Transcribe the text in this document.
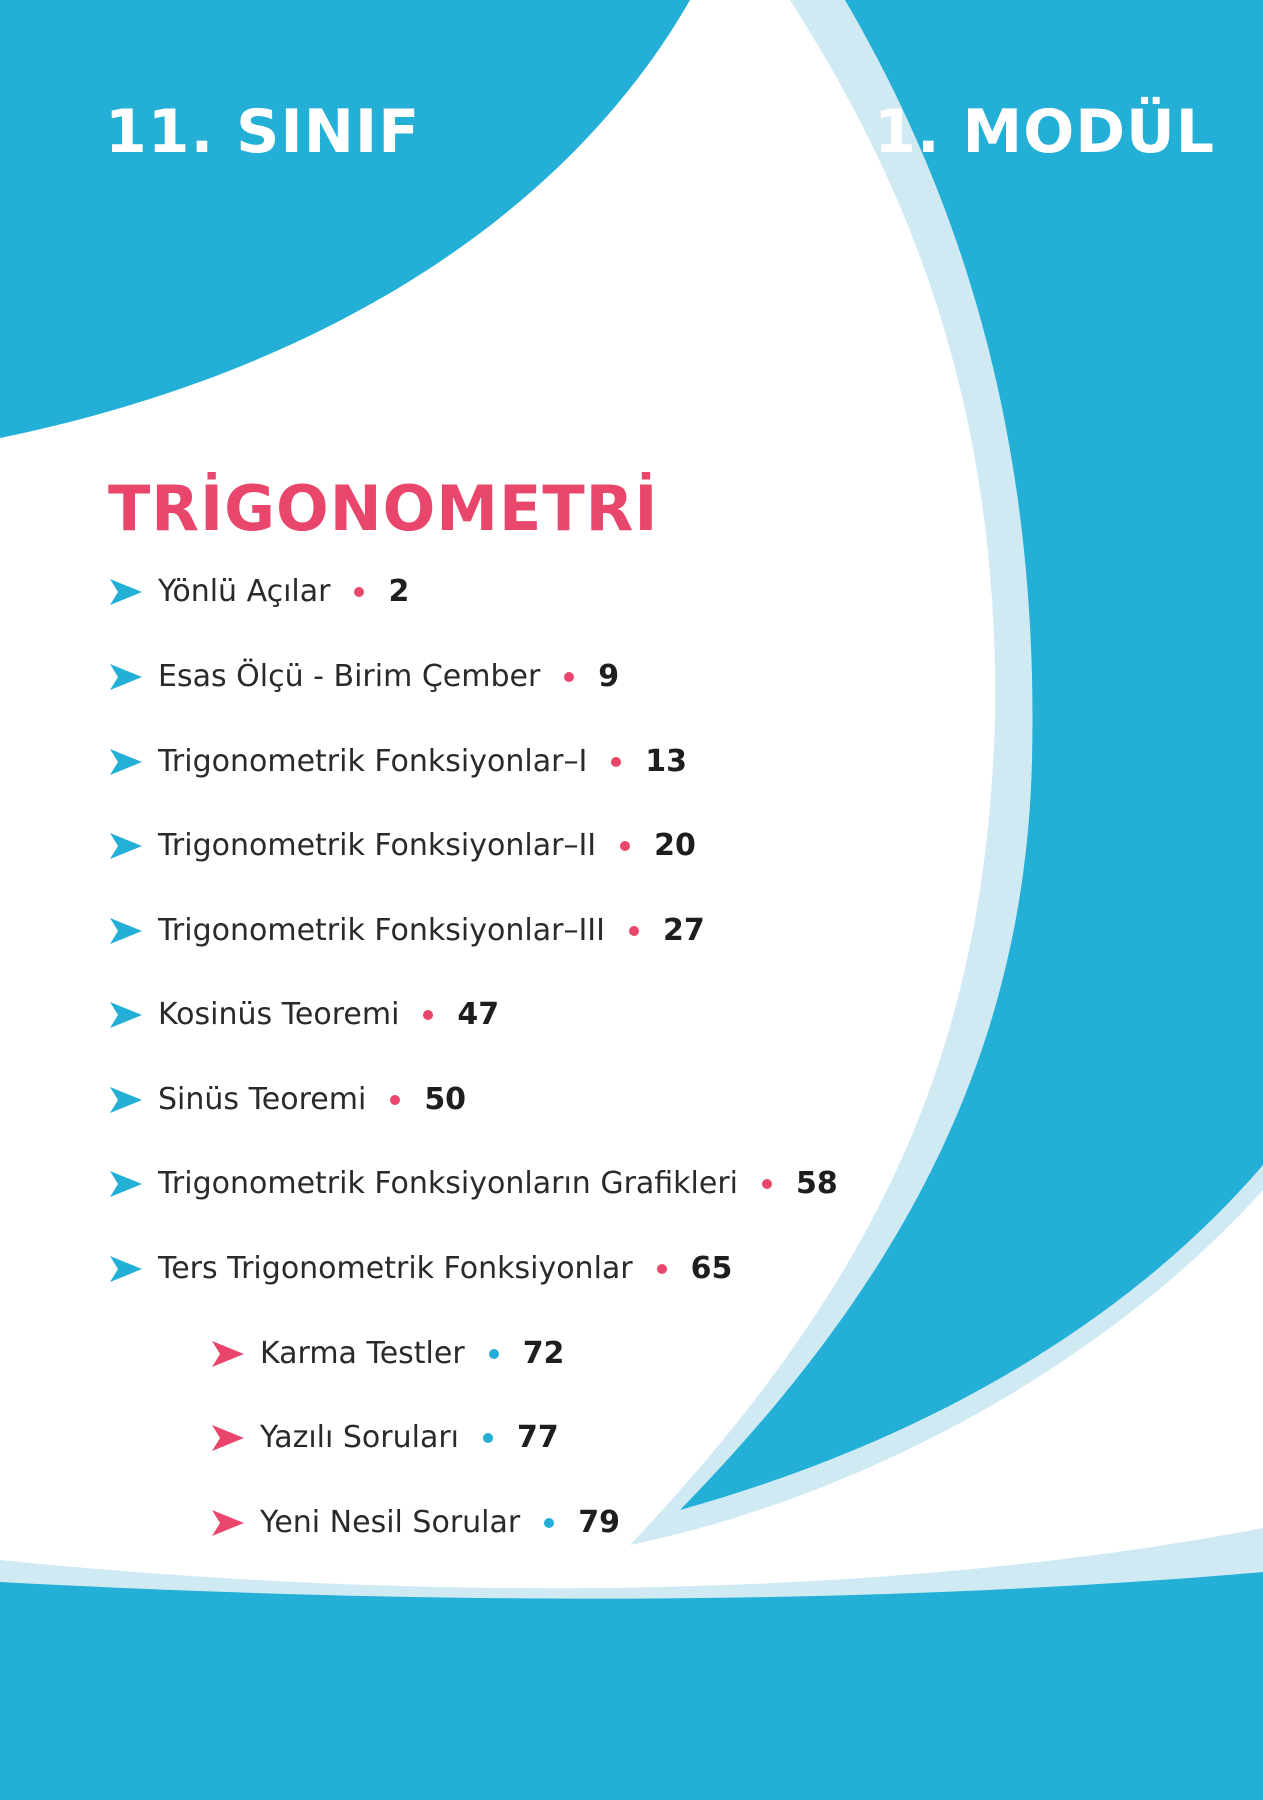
11. SINIF	1. MODÜL
TRİGONOMETRİ
Yönlü Açılar 2
Esas Ölçü - Birim Çember 9
Trigonometrik Fonksiyonlar–I 13
Trigonometrik Fonksiyonlar–II 20
Trigonometrik Fonksiyonlar–III 27
Kosinüs Teoremi 47
Sinüs Teoremi 50
Trigonometrik Fonksiyonların Grafikleri 58
Ters Trigonometrik Fonksiyonlar 65
Karma Testler 72
Yazılı Soruları 77
Yeni Nesil Sorular 79
